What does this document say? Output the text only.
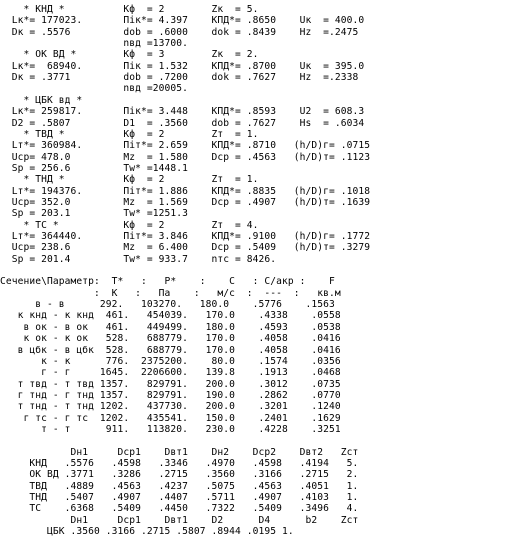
* КНД *          Кф  = 2        Zк  = 5.
Lк*= 177023.       Пiк*= 4.397    КПД*= .8650    Uк  = 400.0
Dк = .5576         dob = .6000    dok = .8439    Hz  =.2475
nвд =13700.
* ОК ВД *        Кф  = 3        Zк  = 2.
Lк*=  68940.       Пiк = 1.532    КПД*= .8700    Uк  = 395.0
Dк = .3771         dob = .7200    dok = .7627    Hz  =.2338
nвд =20005.
* ЦБК вд *
Lк*= 259817.       Пiк*= 3.448    КПД*= .8593    U2  = 608.3
D2 = .5807         D1  = .3560    dob = .7627    Hs  = .6034
* ТВД *          Кф  = 2        Zт  = 1.
Lт*= 360984.       Пiт*= 2.659    КПД*= .8710   (h/D)г= .0715
Ucp= 478.0         Mz  = 1.580    Dcp = .4563   (h/D)т= .1123
Sp = 256.6         Tw* =1448.1
* ТНД *          Кф  = 2        Zт  = 1.
Lт*= 194376.       Пiт*= 1.886    КПД*= .8835   (h/D)г= .1018
Ucp= 352.0         Mz  = 1.569    Dcp = .4907   (h/D)т= .1639
Sp = 203.1         Tw* =1251.3
* ТС *           Кф  = 2        Zт  = 4.
Lт*= 364440.       Пiт*= 3.846    КПД*= .9100   (h/D)г= .1772
Ucp= 238.6         Mz  = 6.400    Dcp = .5409   (h/D)т= .3279
Sp = 201.4         Tw* = 933.7    nтс = 8426.
Сечение\Параметр:  T*   :   P*    :    C   : C/aкр :    F
:  К   :   Па    :   м/с  :  ---  :   кв.м
в - в      292.   103270.   180.0    .5776    .1563
к кнд - к кнд  461.   454039.   170.0    .4338    .0558
в ок - в ок   461.   449499.   180.0    .4593    .0538
к ок - к ок   528.   688779.   170.0    .4058    .0416
в цбк - в цбк  528.   688779.   170.0    .4058    .0416
к - к      776.  2375200.    80.0    .1574    .0356
г - г     1645.  2206600.   139.8    .1913    .0468
т твд - т твд 1357.   829791.   200.0    .3012    .0735
г тнд - г тнд 1357.   829791.   190.0    .2862    .0770
т тнд - т тнд 1202.   437730.   200.0    .3201    .1240
г тс - г тс  1202.   435541.   150.0    .2401    .1629
т - т      911.   113820.   230.0    .4228    .3251
Dн1     Dcp1    Dвт1    Dн2    Dcp2    Dвт2   Zст
КНД   .5576   .4598   .3346   .4970   .4598   .4194   5.
ОК ВД .3771   .3286   .2715   .3560   .3166   .2715   2.
ТВД   .4889   .4563   .4237   .5075   .4563   .4051   1.
ТНД   .5407   .4907   .4407   .5711   .4907   .4103   1.
ТС    .6368   .5409   .4450   .7322   .5409   .3496   4.
Dн1     Dcp1    Dвт1    D2      D4      b2    Zст
ЦБК .3560 .3166 .2715 .5807 .8944 .0195 1.
